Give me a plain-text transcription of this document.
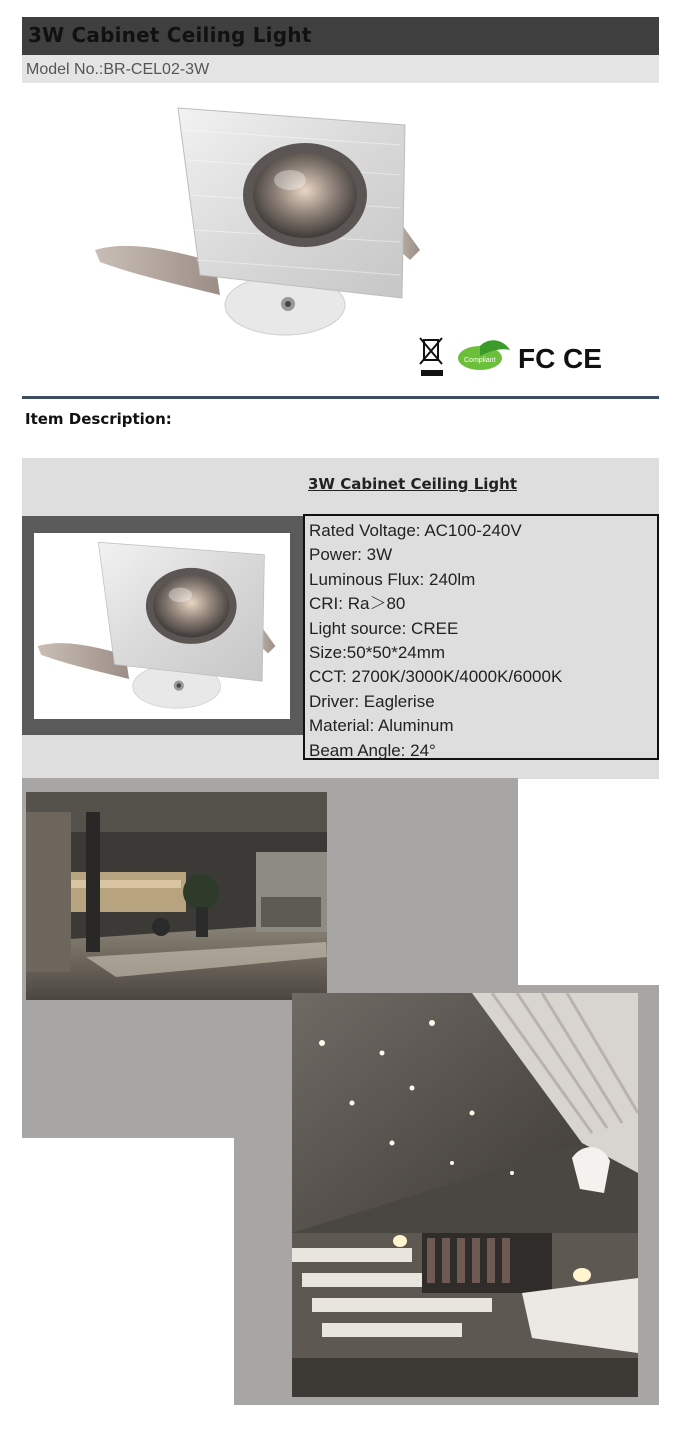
3W Cabinet Ceiling Light
Model No.:BR-CEL02-3W
Compliant FC CE
Item Description:
3W Cabinet Ceiling Light
Rated Voltage: AC100-240V
Power: 3W
Luminous Flux: 240lm
CRI: Ra＞80
Light source: CREE
Size:50*50*24mm
CCT: 2700K/3000K/4000K/6000K
Driver: Eaglerise
Material: Aluminum
Beam Angle: 24°
